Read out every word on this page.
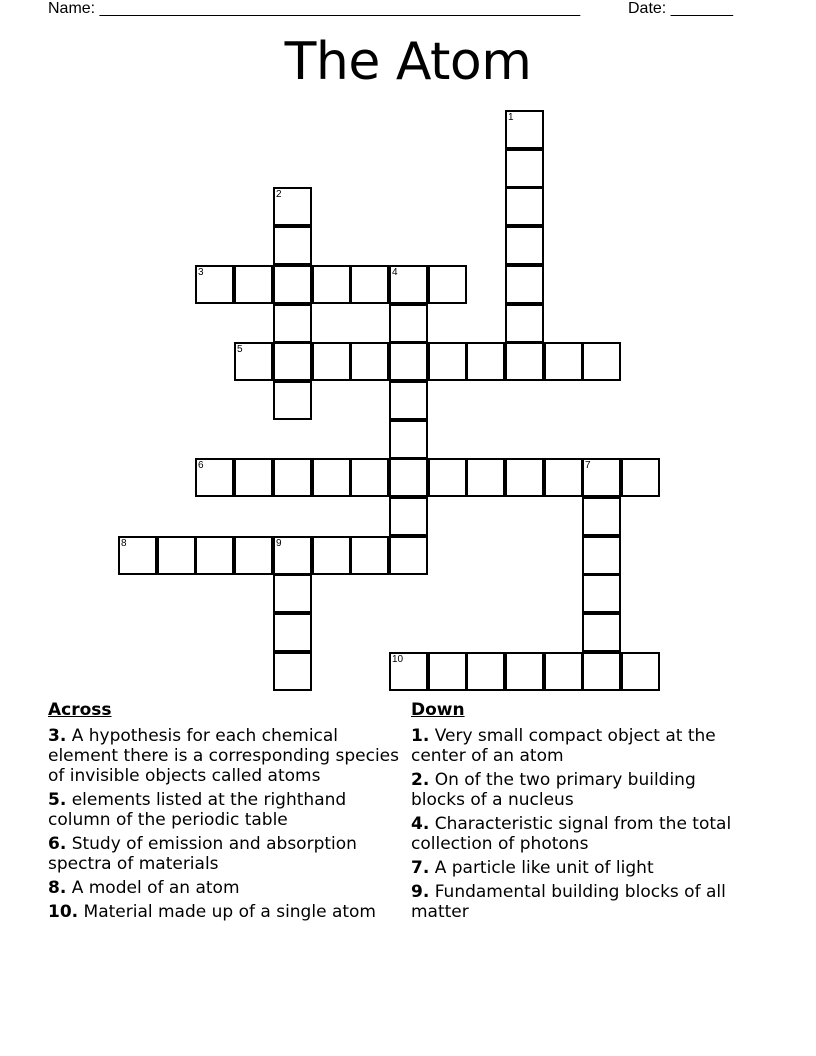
Name: ______________________________________________________	Date: _______
The Atom
1
2
3	4
5
6	7
8	9
10
Across
3. A hypothesis for each chemical element there is a corresponding species of invisible objects called atoms
5. elements listed at the righthand column of the periodic table
6. Study of emission and absorption spectra of materials
8. A model of an atom
10. Material made up of a single atom
Down
1. Very small compact object at the center of an atom
2. On of the two primary building blocks of a nucleus
4. Characteristic signal from the total collection of photons
7. A particle like unit of light
9. Fundamental building blocks of all matter
